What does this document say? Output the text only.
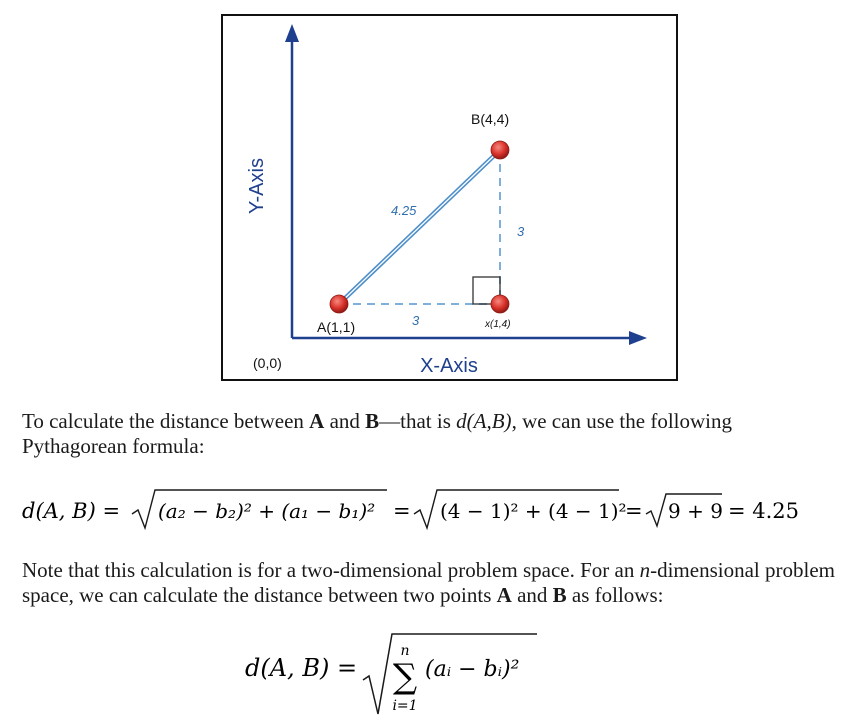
Y-Axis
X-Axis
(0,0)
A(1,1)
B(4,4)
x(1,4)
4.25
3
3

To calculate the distance between A and B—that is d(A,B), we can use the following Pythagorean formula:

d(A, B) = (a₂ − b₂)² + (a₁ − b₁)² = (4 − 1)² + (4 − 1)²
= 9 + 9 = 4.25

Note that this calculation is for a two-dimensional problem space. For an n-dimensional problem space, we can calculate the distance between two points A and B as follows:

d(A, B) =
n
∑
i=1
(aᵢ − bᵢ)²
